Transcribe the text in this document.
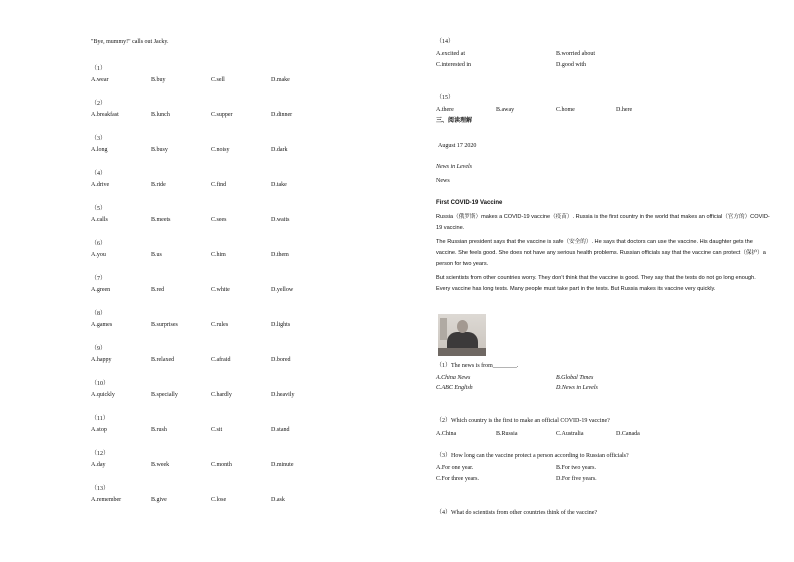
"Bye, mummy!" calls out Jacky.
（1）
A.wear	B.buy	C.sell	D.make
（2）
A.breakfast	B.lunch	C.supper	D.dinner
（3）
A.long	B.busy	C.noisy	D.dark
（4）
A.drive	B.ride	C.find	D.take
（5）
A.calls	B.meets	C.sees	D.waits
（6）
A.you	B.us	C.him	D.them
（7）
A.green	B.red	C.white	D.yellow
（8）
A.games	B.surprises	C.rules	D.lights
（9）
A.happy	B.relaxed	C.afraid	D.bored
（10）
A.quickly	B.specially	C.hardly	D.heavily
（11）
A.stop	B.rush	C.sit	D.stand
（12）
A.day	B.week	C.month	D.minute
（13）
A.remember	B.give	C.lose	D.ask
（14）
A.excited at	B.worried about
C.interested in	D.good with
（15）
A.there	B.away	C.home	D.here
三、阅读理解
August 17 2020
News in Levels
News
First COVID-19 Vaccine
Russia（俄罗斯）makes a COVID-19 vaccine（疫苗）. Russia is the first country in the world that makes an official（官方的）COVID-19 vaccine.
The Russian president says that the vaccine is safe（安全的）. He says that doctors can use the vaccine. His daughter gets the vaccine. She feels good. She does not have any serious health problems. Russian officials say that the vaccine can protect（保护）a person for two years.
But scientists from other countries worry. They don't think that the vaccine is good. They say that the tests do not go long enough. Every vaccine has long tests. Many people must take part in the tests. But Russia makes its vaccine very quickly.
（1）The news is from________.
A.China News	B.Global Times
C.ABC English	D.News in Levels
（2）Which country is the first to make an official COVID-19 vaccine?
A.China	B.Russia	C.Australia	D.Canada
（3）How long can the vaccine protect a person according to Russian officials?
A.For one year.	B.For two years.
C.For three years.	D.For five years.
（4）What do scientists from other countries think of the vaccine?
